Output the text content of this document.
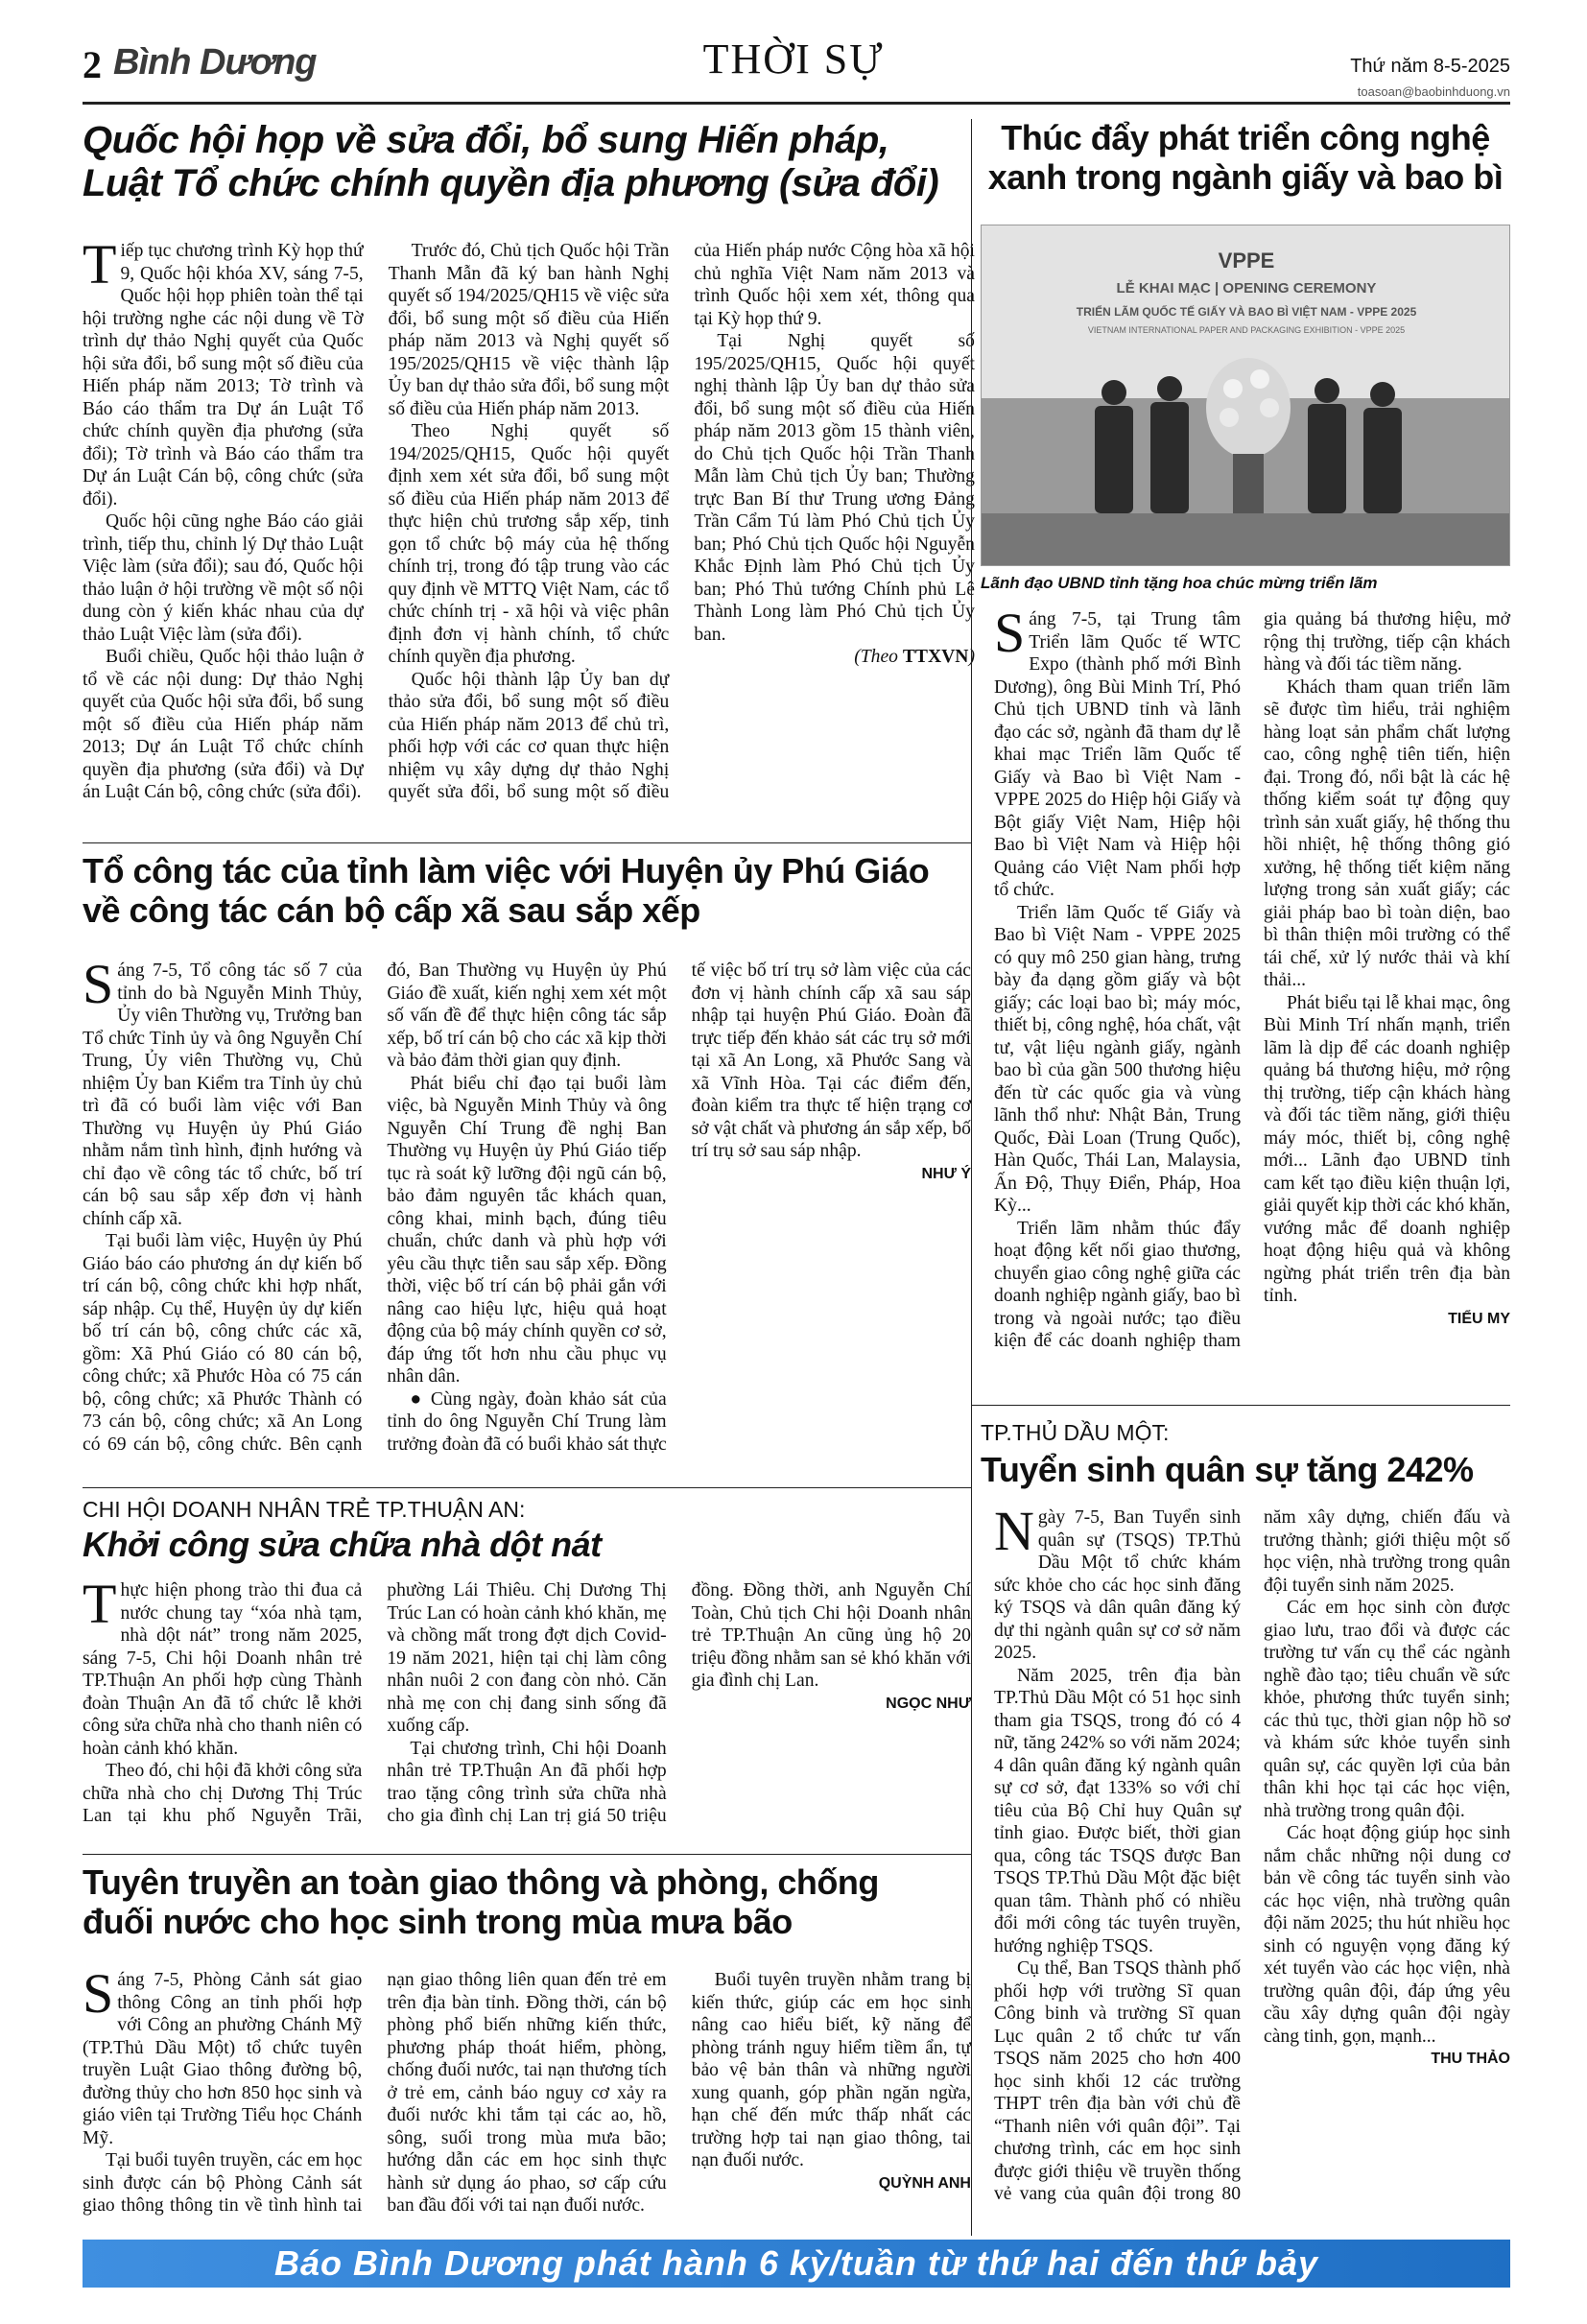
2 Bình Dương	THỜI SỰ	Thứ năm 8-5-2025
toasoan@baobinhduong.vn
Quốc hội họp về sửa đổi, bổ sung Hiến pháp,
Luật Tổ chức chính quyền địa phương (sửa đổi)

Tiếp tục chương trình Kỳ họp thứ 9, Quốc hội khóa XV, sáng 7-5, Quốc hội họp phiên toàn thể tại hội trường nghe các nội dung về Tờ trình dự thảo Nghị quyết của Quốc hội sửa đổi, bổ sung một số điều của Hiến pháp năm 2013; Tờ trình và Báo cáo thẩm tra Dự án Luật Tổ chức chính quyền địa phương (sửa đổi); Tờ trình và Báo cáo thẩm tra Dự án Luật Cán bộ, công chức (sửa đổi).

Quốc hội cũng nghe Báo cáo giải trình, tiếp thu, chỉnh lý Dự thảo Luật Việc làm (sửa đổi); sau đó, Quốc hội thảo luận ở hội trường về một số nội dung còn ý kiến khác nhau của dự thảo Luật Việc làm (sửa đổi).

Buổi chiều, Quốc hội thảo luận ở tổ về các nội dung: Dự thảo Nghị quyết của Quốc hội sửa đổi, bổ sung một số điều của Hiến pháp năm 2013; Dự án Luật Tổ chức chính quyền địa phương (sửa đổi) và Dự án Luật Cán bộ, công chức (sửa đổi).

Trước đó, Chủ tịch Quốc hội Trần Thanh Mẫn đã ký ban hành Nghị quyết số 194/2025/QH15 về việc sửa đổi, bổ sung một số điều của Hiến pháp năm 2013 và Nghị quyết số 195/2025/QH15 về việc thành lập Ủy ban dự thảo sửa đổi, bổ sung một số điều của Hiến pháp năm 2013.

Theo Nghị quyết số 194/2025/QH15, Quốc hội quyết định xem xét sửa đổi, bổ sung một số điều của Hiến pháp năm 2013 để thực hiện chủ trương sắp xếp, tinh gọn tổ chức bộ máy của hệ thống chính trị, trong đó tập trung vào các quy định về MTTQ Việt Nam, các tổ chức chính trị - xã hội và việc phân định đơn vị hành chính, tổ chức chính quyền địa phương.

Quốc hội thành lập Ủy ban dự thảo sửa đổi, bổ sung một số điều của Hiến pháp năm 2013 để chủ trì, phối hợp với các cơ quan thực hiện nhiệm vụ xây dựng dự thảo Nghị quyết sửa đổi, bổ sung một số điều của Hiến pháp nước Cộng hòa xã hội chủ nghĩa Việt Nam năm 2013 và trình Quốc hội xem xét, thông qua tại Kỳ họp thứ 9.

Tại Nghị quyết số 195/2025/QH15, Quốc hội quyết nghị thành lập Ủy ban dự thảo sửa đổi, bổ sung một số điều của Hiến pháp năm 2013 gồm 15 thành viên, do Chủ tịch Quốc hội Trần Thanh Mẫn làm Chủ tịch Ủy ban; Thường trực Ban Bí thư Trung ương Đảng Trần Cẩm Tú làm Phó Chủ tịch Ủy ban; Phó Chủ tịch Quốc hội Nguyễn Khắc Định làm Phó Chủ tịch Ủy ban; Phó Thủ tướng Chính phủ Lê Thành Long làm Phó Chủ tịch Ủy ban.

(Theo TTXVN)
Thúc đẩy phát triển công nghệ
xanh trong ngành giấy và bao bì
VPPE
LỄ KHAI MẠC | OPENING CEREMONY
TRIỂN LÃM QUỐC TẾ GIẤY VÀ BAO BÌ VIỆT NAM - VPPE 2025
VIETNAM INTERNATIONAL PAPER AND PACKAGING EXHIBITION - VPPE 2025
Lãnh đạo UBND tỉnh tặng hoa chúc mừng triển lãm

Sáng 7-5, tại Trung tâm Triển lãm Quốc tế WTC Expo (thành phố mới Bình Dương), ông Bùi Minh Trí, Phó Chủ tịch UBND tỉnh và lãnh đạo các sở, ngành đã tham dự lễ khai mạc Triển lãm Quốc tế Giấy và Bao bì Việt Nam - VPPE 2025 do Hiệp hội Giấy và Bột giấy Việt Nam, Hiệp hội Bao bì Việt Nam và Hiệp hội Quảng cáo Việt Nam phối hợp tổ chức.

Triển lãm Quốc tế Giấy và Bao bì Việt Nam - VPPE 2025 có quy mô 250 gian hàng, trưng bày đa dạng gồm giấy và bột giấy; các loại bao bì; máy móc, thiết bị, công nghệ, hóa chất, vật tư, vật liệu ngành giấy, ngành bao bì của gần 500 thương hiệu đến từ các quốc gia và vùng lãnh thổ như: Nhật Bản, Trung Quốc, Đài Loan (Trung Quốc), Hàn Quốc, Thái Lan, Malaysia, Ấn Độ, Thụy Điển, Pháp, Hoa Kỳ...

Triển lãm nhằm thúc đẩy hoạt động kết nối giao thương, chuyển giao công nghệ giữa các doanh nghiệp ngành giấy, bao bì trong và ngoài nước; tạo điều kiện để các doanh nghiệp tham gia quảng bá thương hiệu, mở rộng thị trường, tiếp cận khách hàng và đối tác tiềm năng.

Khách tham quan triển lãm sẽ được tìm hiểu, trải nghiệm hàng loạt sản phẩm chất lượng cao, công nghệ tiên tiến, hiện đại. Trong đó, nổi bật là các hệ thống kiểm soát tự động quy trình sản xuất giấy, hệ thống thu hồi nhiệt, hệ thống thông gió xưởng, hệ thống tiết kiệm năng lượng trong sản xuất giấy; các giải pháp bao bì toàn diện, bao bì thân thiện môi trường có thể tái chế, xử lý nước thải và khí thải...

Phát biểu tại lễ khai mạc, ông Bùi Minh Trí nhấn mạnh, triển lãm là dịp để các doanh nghiệp quảng bá thương hiệu, mở rộng thị trường, tiếp cận khách hàng và đối tác tiềm năng, giới thiệu máy móc, thiết bị, công nghệ mới... Lãnh đạo UBND tỉnh cam kết tạo điều kiện thuận lợi, giải quyết kịp thời các khó khăn, vướng mắc để doanh nghiệp hoạt động hiệu quả và không ngừng phát triển trên địa bàn tỉnh.

TIỂU MY
Tổ công tác của tỉnh làm việc với Huyện ủy Phú Giáo
về công tác cán bộ cấp xã sau sắp xếp

Sáng 7-5, Tổ công tác số 7 của tỉnh do bà Nguyễn Minh Thủy, Ủy viên Thường vụ, Trưởng ban Tổ chức Tỉnh ủy và ông Nguyễn Chí Trung, Ủy viên Thường vụ, Chủ nhiệm Ủy ban Kiểm tra Tỉnh ủy chủ trì đã có buổi làm việc với Ban Thường vụ Huyện ủy Phú Giáo nhằm nắm tình hình, định hướng và chỉ đạo về công tác tổ chức, bố trí cán bộ sau sắp xếp đơn vị hành chính cấp xã.

Tại buổi làm việc, Huyện ủy Phú Giáo báo cáo phương án dự kiến bố trí cán bộ, công chức khi hợp nhất, sáp nhập. Cụ thể, Huyện ủy dự kiến bố trí cán bộ, công chức các xã, gồm: Xã Phú Giáo có 80 cán bộ, công chức; xã Phước Hòa có 75 cán bộ, công chức; xã Phước Thành có 73 cán bộ, công chức; xã An Long có 69 cán bộ, công chức. Bên cạnh đó, Ban Thường vụ Huyện ủy Phú Giáo đề xuất, kiến nghị xem xét một số vấn đề để thực hiện công tác sắp xếp, bố trí cán bộ cho các xã kịp thời và bảo đảm thời gian quy định.

Phát biểu chỉ đạo tại buổi làm việc, bà Nguyễn Minh Thủy và ông Nguyễn Chí Trung đề nghị Ban Thường vụ Huyện ủy Phú Giáo tiếp tục rà soát kỹ lưỡng đội ngũ cán bộ, bảo đảm nguyên tắc khách quan, công khai, minh bạch, đúng tiêu chuẩn, chức danh và phù hợp với yêu cầu thực tiễn sau sắp xếp. Đồng thời, việc bố trí cán bộ phải gắn với nâng cao hiệu lực, hiệu quả hoạt động của bộ máy chính quyền cơ sở, đáp ứng tốt hơn nhu cầu phục vụ nhân dân.

● Cùng ngày, đoàn khảo sát của tỉnh do ông Nguyễn Chí Trung làm trưởng đoàn đã có buổi khảo sát thực tế việc bố trí trụ sở làm việc của các đơn vị hành chính cấp xã sau sáp nhập tại huyện Phú Giáo. Đoàn đã trực tiếp đến khảo sát các trụ sở mới tại xã An Long, xã Phước Sang và xã Vĩnh Hòa. Tại các điểm đến, đoàn kiểm tra thực tế hiện trạng cơ sở vật chất và phương án sắp xếp, bố trí trụ sở sau sáp nhập.

NHƯ Ý
CHI HỘI DOANH NHÂN TRẺ TP.THUẬN AN:
Khởi công sửa chữa nhà dột nát

Thực hiện phong trào thi đua cả nước chung tay “xóa nhà tạm, nhà dột nát” trong năm 2025, sáng 7-5, Chi hội Doanh nhân trẻ TP.Thuận An phối hợp cùng Thành đoàn Thuận An đã tổ chức lễ khởi công sửa chữa nhà cho thanh niên có hoàn cảnh khó khăn.

Theo đó, chi hội đã khởi công sửa chữa nhà cho chị Dương Thị Trúc Lan tại khu phố Nguyễn Trãi, phường Lái Thiêu. Chị Dương Thị Trúc Lan có hoàn cảnh khó khăn, mẹ và chồng mất trong đợt dịch Covid-19 năm 2021, hiện tại chị làm công nhân nuôi 2 con đang còn nhỏ. Căn nhà mẹ con chị đang sinh sống đã xuống cấp.

Tại chương trình, Chi hội Doanh nhân trẻ TP.Thuận An đã phối hợp trao tặng công trình sửa chữa nhà cho gia đình chị Lan trị giá 50 triệu đồng. Đồng thời, anh Nguyễn Chí Toàn, Chủ tịch Chi hội Doanh nhân trẻ TP.Thuận An cũng ủng hộ 20 triệu đồng nhằm san sẻ khó khăn với gia đình chị Lan.

NGỌC NHƯ
Tuyên truyền an toàn giao thông và phòng, chống
đuối nước cho học sinh trong mùa mưa bão

Sáng 7-5, Phòng Cảnh sát giao thông Công an tỉnh phối hợp với Công an phường Chánh Mỹ (TP.Thủ Dầu Một) tổ chức tuyên truyền Luật Giao thông đường bộ, đường thủy cho hơn 850 học sinh và giáo viên tại Trường Tiểu học Chánh Mỹ.

Tại buổi tuyên truyền, các em học sinh được cán bộ Phòng Cảnh sát giao thông thông tin về tình hình tai nạn giao thông liên quan đến trẻ em trên địa bàn tỉnh. Đồng thời, cán bộ phòng phổ biến những kiến thức, phương pháp thoát hiểm, phòng, chống đuối nước, tai nạn thương tích ở trẻ em, cảnh báo nguy cơ xảy ra đuối nước khi tắm tại các ao, hồ, sông, suối trong mùa mưa bão; hướng dẫn các em học sinh thực hành sử dụng áo phao, sơ cấp cứu ban đầu đối với tai nạn đuối nước.

Buổi tuyên truyền nhằm trang bị kiến thức, giúp các em học sinh nâng cao hiểu biết, kỹ năng để phòng tránh nguy hiểm tiềm ẩn, tự bảo vệ bản thân và những người xung quanh, góp phần ngăn ngừa, hạn chế đến mức thấp nhất các trường hợp tai nạn giao thông, tai nạn đuối nước.

QUỲNH ANH
TP.THỦ DẦU MỘT:
Tuyển sinh quân sự tăng 242%

Ngày 7-5, Ban Tuyển sinh quân sự (TSQS) TP.Thủ Dầu Một tổ chức khám sức khỏe cho các học sinh đăng ký TSQS và dân quân đăng ký dự thi ngành quân sự cơ sở năm 2025.

Năm 2025, trên địa bàn TP.Thủ Dầu Một có 51 học sinh tham gia TSQS, trong đó có 4 nữ, tăng 242% so với năm 2024; 4 dân quân đăng ký ngành quân sự cơ sở, đạt 133% so với chỉ tiêu của Bộ Chỉ huy Quân sự tỉnh giao. Được biết, thời gian qua, công tác TSQS được Ban TSQS TP.Thủ Dầu Một đặc biệt quan tâm. Thành phố có nhiều đổi mới công tác tuyên truyền, hướng nghiệp TSQS.

Cụ thể, Ban TSQS thành phố phối hợp với trường Sĩ quan Công binh và trường Sĩ quan Lục quân 2 tổ chức tư vấn TSQS năm 2025 cho hơn 400 học sinh khối 12 các trường THPT trên địa bàn với chủ đề “Thanh niên với quân đội”. Tại chương trình, các em học sinh được giới thiệu về truyền thống vẻ vang của quân đội trong 80 năm xây dựng, chiến đấu và trưởng thành; giới thiệu một số học viện, nhà trường trong quân đội tuyển sinh năm 2025.

Các em học sinh còn được giao lưu, trao đổi và được các trường tư vấn cụ thể các ngành nghề đào tạo; tiêu chuẩn về sức khỏe, phương thức tuyển sinh; các thủ tục, thời gian nộp hồ sơ và khám sức khỏe tuyển sinh quân sự, các quyền lợi của bản thân khi học tại các học viện, nhà trường trong quân đội.

Các hoạt động giúp học sinh nắm chắc những nội dung cơ bản về công tác tuyển sinh vào các học viện, nhà trường quân đội năm 2025; thu hút nhiều học sinh có nguyện vọng đăng ký xét tuyển vào các học viện, nhà trường quân đội, đáp ứng yêu cầu xây dựng quân đội ngày càng tinh, gọn, mạnh...

THU THẢO
Báo Bình Dương phát hành 6 kỳ/tuần từ thứ hai đến thứ bảy
